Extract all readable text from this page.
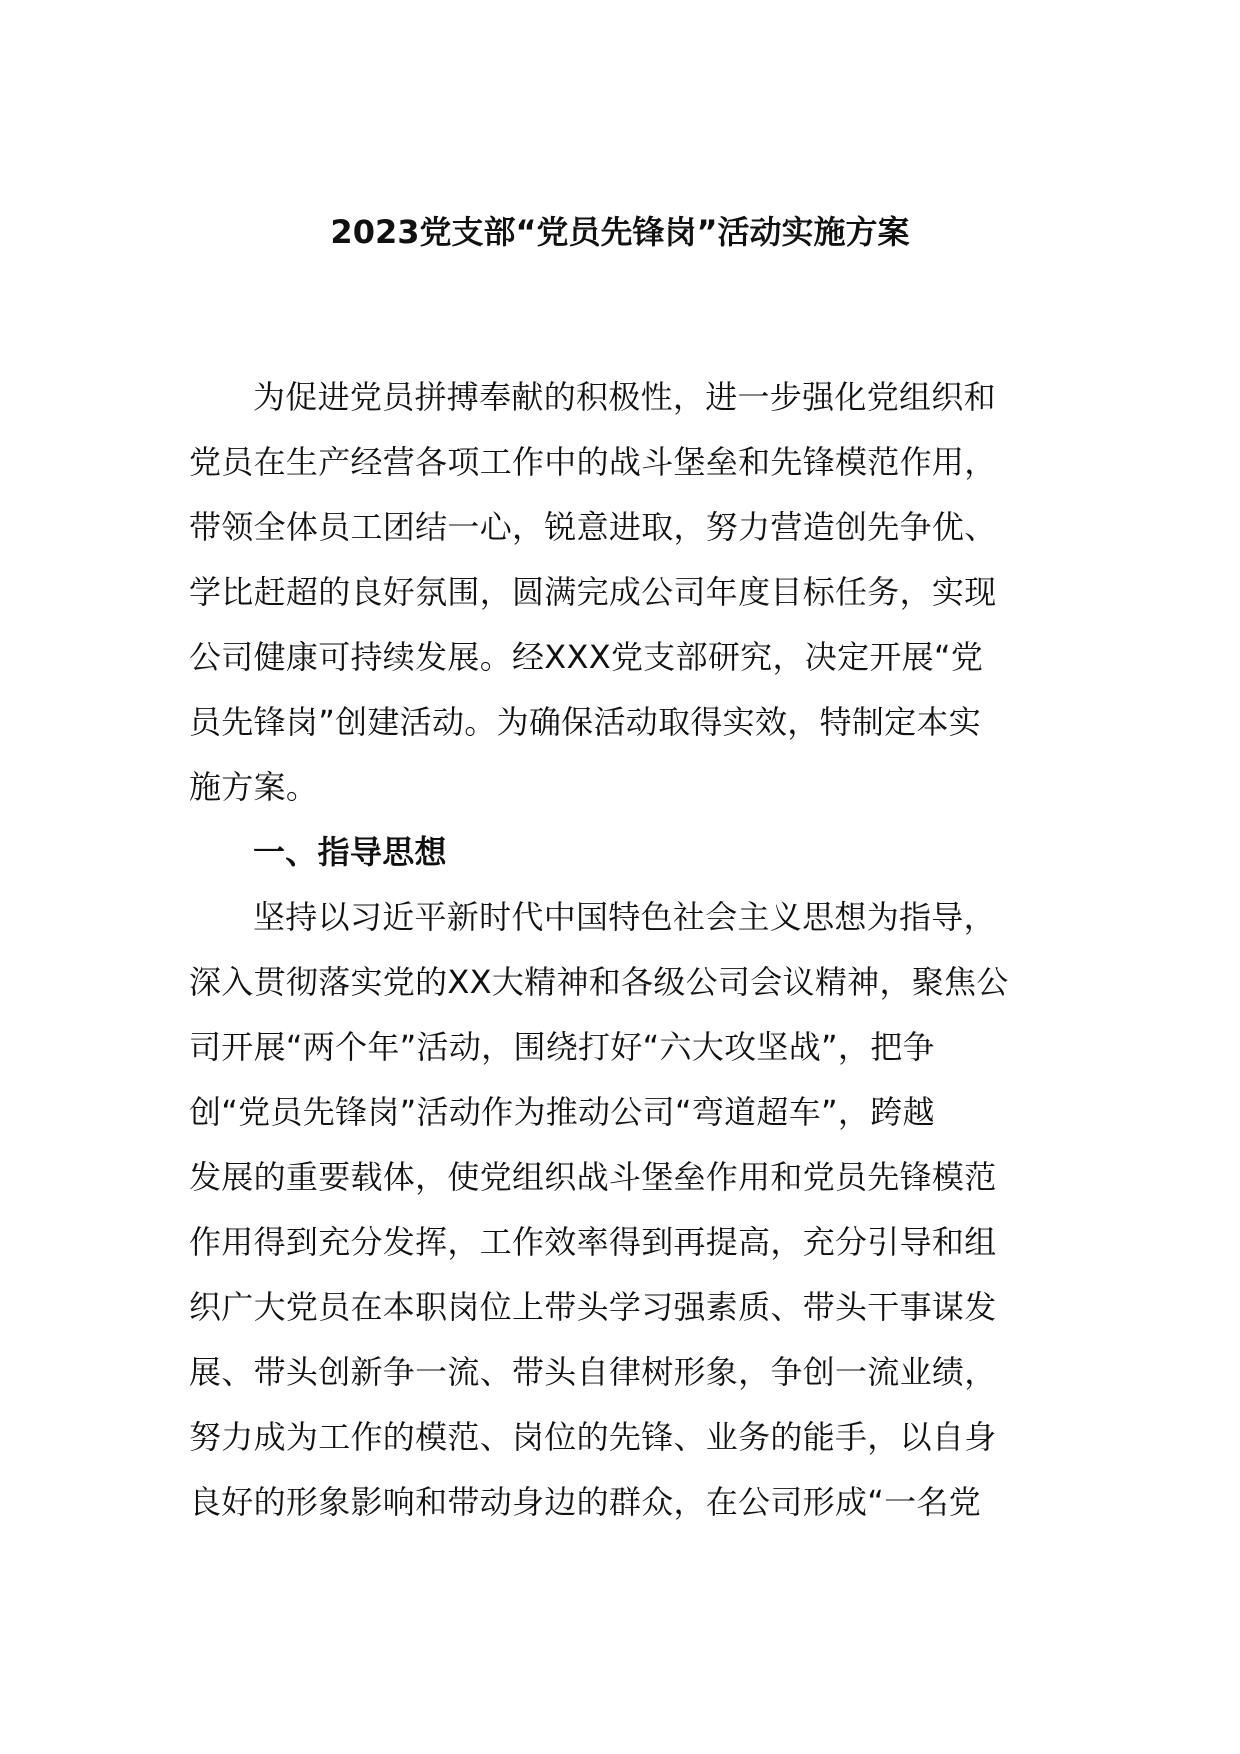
2023党支部“党员先锋岗”活动实施方案
为促进党员拼搏奉献的积极性，进一步强化党组织和
党员在生产经营各项工作中的战斗堡垒和先锋模范作用，
带领全体员工团结一心，锐意进取，努力营造创先争优、
学比赶超的良好氛围，圆满完成公司年度目标任务，实现
公司健康可持续发展。经XXX党支部研究，决定开展“党
员先锋岗”创建活动。为确保活动取得实效，特制定本实
施方案。
一、指导思想
坚持以习近平新时代中国特色社会主义思想为指导，
深入贯彻落实党的XX大精神和各级公司会议精神，聚焦公
司开展“两个年”活动，围绕打好“六大攻坚战”，把争
创“党员先锋岗”活动作为推动公司“弯道超车”，跨越
发展的重要载体，使党组织战斗堡垒作用和党员先锋模范
作用得到充分发挥，工作效率得到再提高，充分引导和组
织广大党员在本职岗位上带头学习强素质、带头干事谋发
展、带头创新争一流、带头自律树形象，争创一流业绩，
努力成为工作的模范、岗位的先锋、业务的能手，以自身
良好的形象影响和带动身边的群众，在公司形成“一名党
